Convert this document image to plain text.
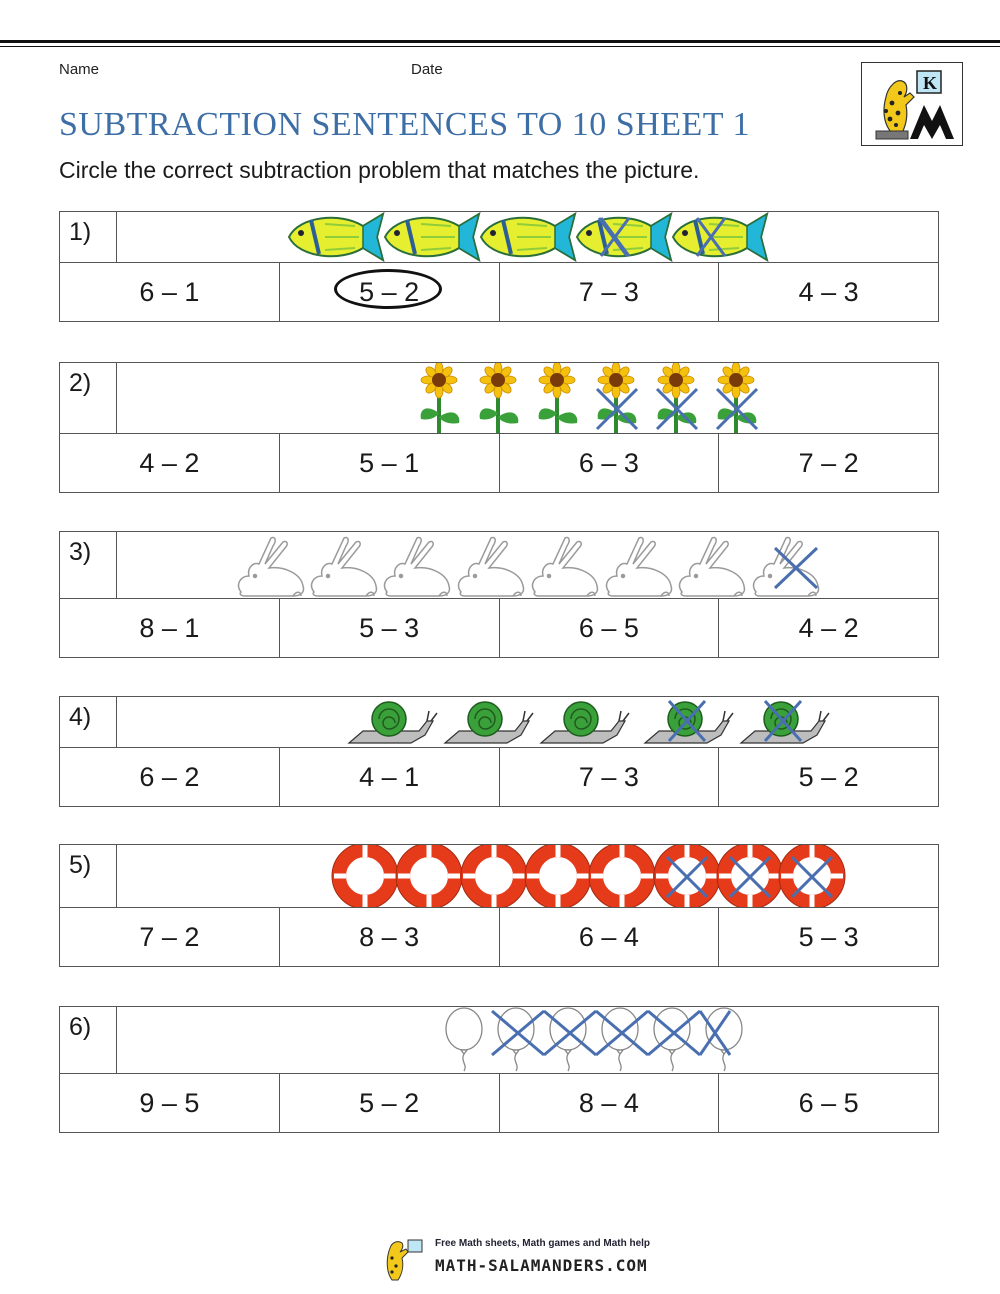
Name	Date
SUBTRACTION SENTENCES TO 10 SHEET 1
Circle the correct subtraction problem that matches the picture.
K
1)
6 – 1	5 – 2	7 – 3	4 – 3
2)
4 – 2	5 – 1	6 – 3	7 – 2
3)
8 – 1	5 – 3	6 – 5	4 – 2
4)
6 – 2	4 – 1	7 – 3	5 – 2
5)
7 – 2	8 – 3	6 – 4	5 – 3
6)
9 – 5	5 – 2	8 – 4	6 – 5
Free Math sheets, Math games and Math help
MATH-SALAMANDERS.COM
